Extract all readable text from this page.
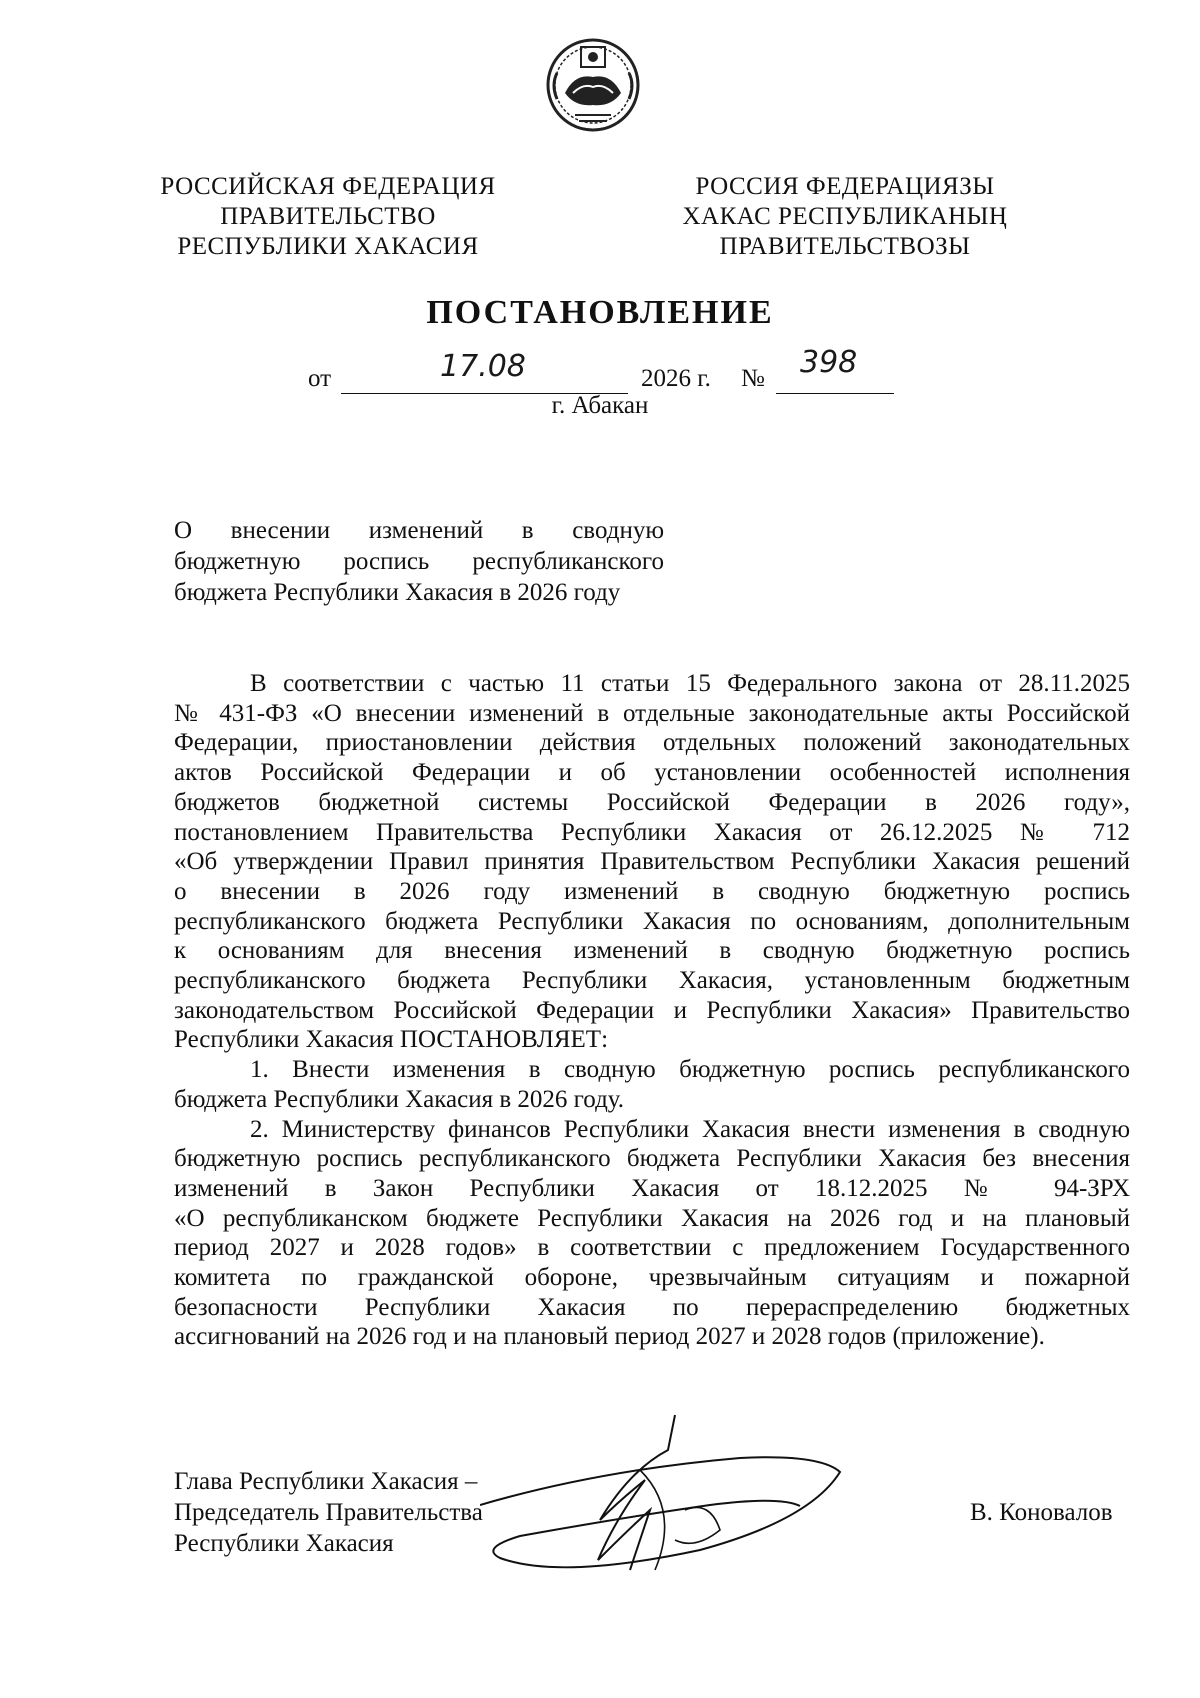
РОССИЙСКАЯ ФЕДЕРАЦИЯ
ПРАВИТЕЛЬСТВО
РЕСПУБЛИКИ ХАКАСИЯ
РОССИЯ ФЕДЕРАЦИЯЗЫ
ХАКАС РЕСПУБЛИКАНЫҢ
ПРАВИТЕЛЬСТВОЗЫ
ПОСТАНОВЛЕНИЕ
от	17.08	2026 г. № 398
г. Абакан
О внесении изменений в сводную
бюджетную роспись республиканского
бюджета Республики Хакасия в 2026 году
В соответствии с частью 11 статьи 15 Федерального закона от 28.11.2025
№ 431-ФЗ «О внесении изменений в отдельные законодательные акты Российской
Федерации, приостановлении действия отдельных положений законодательных
актов Российской Федерации и об установлении особенностей исполнения
бюджетов бюджетной системы Российской Федерации в 2026 году»,
постановлением Правительства Республики Хакасия от 26.12.2025 № 712
«Об утверждении Правил принятия Правительством Республики Хакасия решений
о внесении в 2026 году изменений в сводную бюджетную роспись
республиканского бюджета Республики Хакасия по основаниям, дополнительным
к основаниям для внесения изменений в сводную бюджетную роспись
республиканского бюджета Республики Хакасия, установленным бюджетным
законодательством Российской Федерации и Республики Хакасия» Правительство
Республики Хакасия ПОСТАНОВЛЯЕТ:
1. Внести изменения в сводную бюджетную роспись республиканского
бюджета Республики Хакасия в 2026 году.
2. Министерству финансов Республики Хакасия внести изменения в сводную
бюджетную роспись республиканского бюджета Республики Хакасия без внесения
изменений в Закон Республики Хакасия от 18.12.2025 № 94-ЗРХ
«О республиканском бюджете Республики Хакасия на 2026 год и на плановый
период 2027 и 2028 годов» в соответствии с предложением Государственного
комитета по гражданской обороне, чрезвычайным ситуациям и пожарной
безопасности Республики Хакасия по перераспределению бюджетных
ассигнований на 2026 год и на плановый период 2027 и 2028 годов (приложение).
Глава Республики Хакасия –
Председатель Правительства
Республики Хакасия
В. Коновалов
